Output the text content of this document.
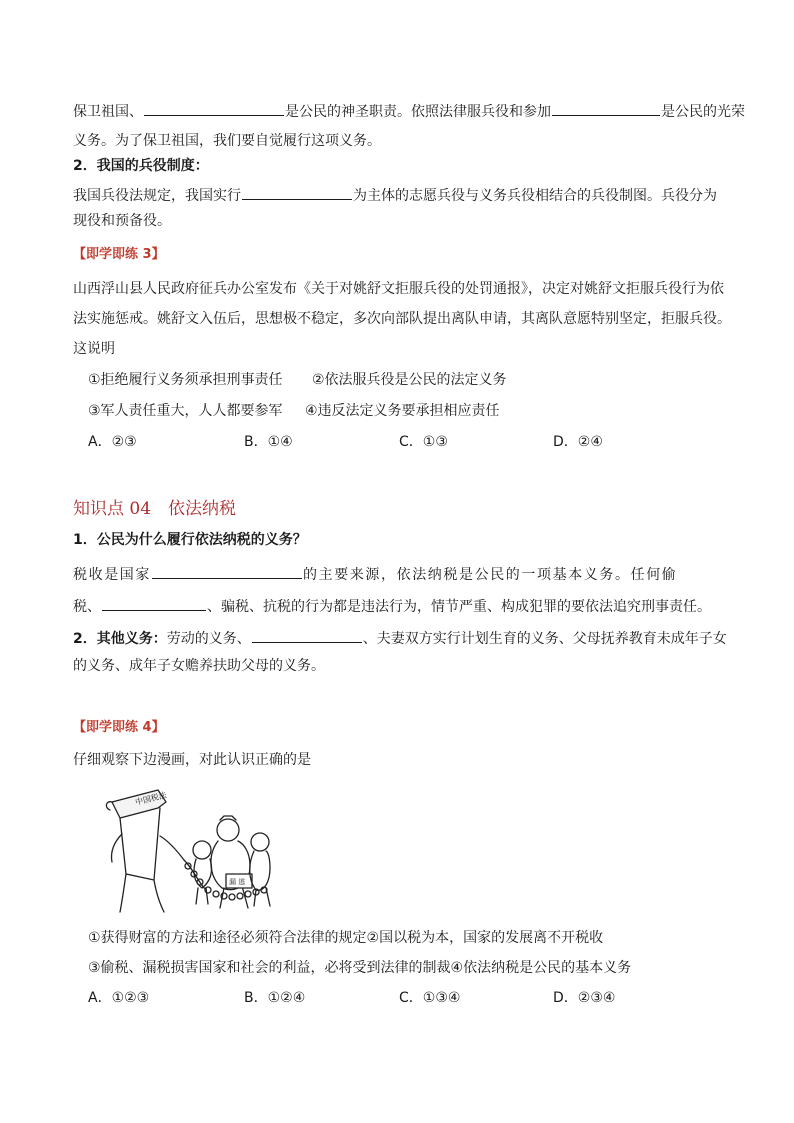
保卫祖国、	是公民的神圣职责。依照法律服兵役和参加	是公民的光荣
义务。为了保卫祖国，我们要自觉履行这项义务。
2．我国的兵役制度：
我国兵役法规定，我国实行	为主体的志愿兵役与义务兵役相结合的兵役制图。兵役分为
现役和预备役。
【即学即练 3】
山西浮山县人民政府征兵办公室发布《关于对姚舒文拒服兵役的处罚通报》，决定对姚舒文拒服兵役行为依
法实施惩戒。姚舒文入伍后，思想极不稳定，多次向部队提出离队申请，其离队意愿特别坚定，拒服兵役。
这说明
①拒绝履行义务须承担刑事责任 ②依法服兵役是公民的法定义务
③军人责任重大，人人都要参军 ④违反法定义务要承担相应责任
A．②③	B．①④	C．①③	D．②④
知识点 04　依法纳税
1．公民为什么履行依法纳税的义务？
税收是国家	的主要来源，依法纳税是公民的一项基本义务。任何偷
税、	、骗税、抗税的行为都是违法行为，情节严重、构成犯罪的要依法追究刑事责任。
2．其他义务：劳动的义务、	、夫妻双方实行计划生育的义务、父母抚养教育未成年子女
的义务、成年子女赡养扶助父母的义务。
【即学即练 4】
仔细观察下边漫画，对此认识正确的是
中国税法
漏 逃
①获得财富的方法和途径必须符合法律的规定②国以税为本，国家的发展离不开税收
③偷税、漏税损害国家和社会的利益，必将受到法律的制裁④依法纳税是公民的基本义务
A．①②③	B．①②④	C．①③④	D．②③④
